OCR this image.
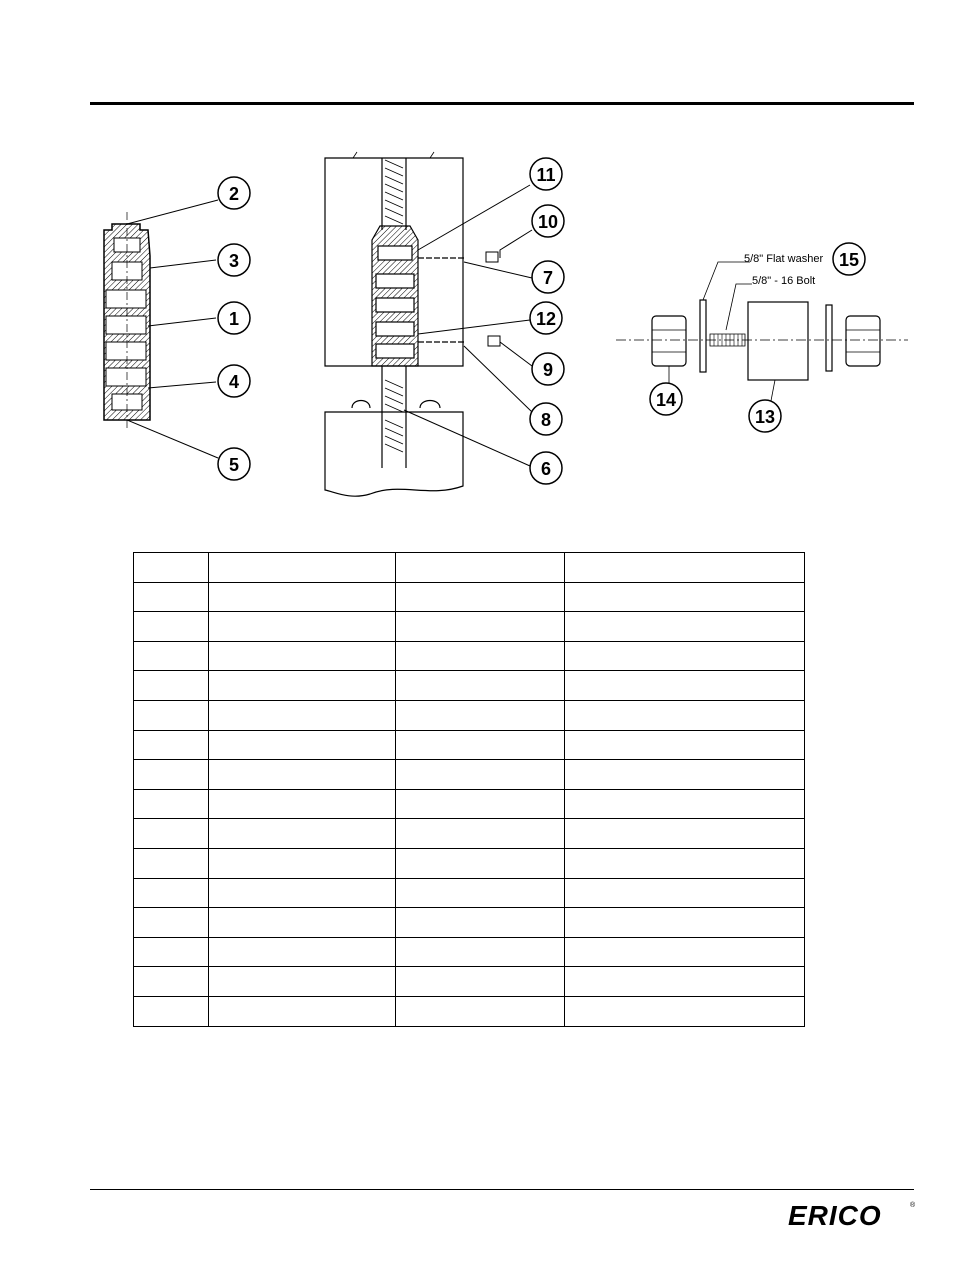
2
3
1
4
5
11
10
7
12
9
8
6
15
14
13
5/8" Flat washer
5/8" - 16 Bolt

ERICO	®
